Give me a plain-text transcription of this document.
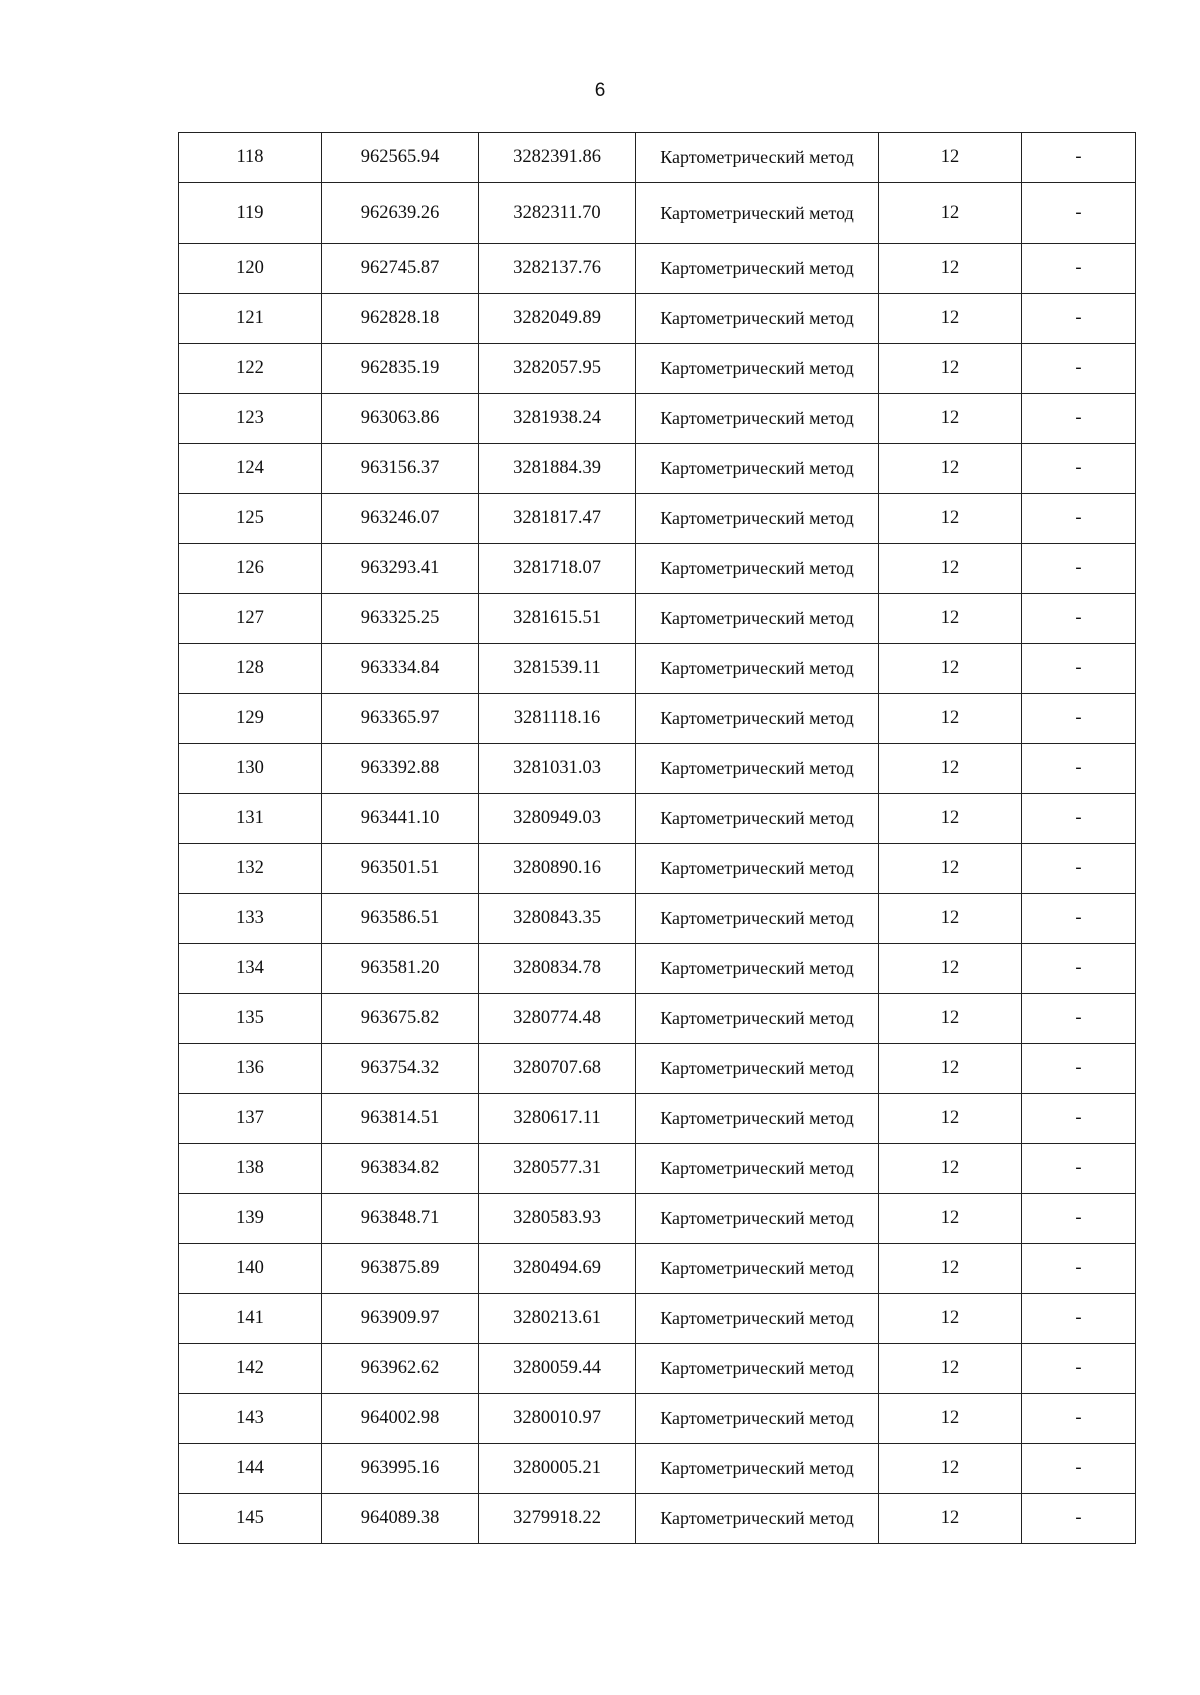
6
118	962565.94	3282391.86	Картометрический метод	12	-
119	962639.26	3282311.70	Картометрический метод	12	-
120	962745.87	3282137.76	Картометрический метод	12	-
121	962828.18	3282049.89	Картометрический метод	12	-
122	962835.19	3282057.95	Картометрический метод	12	-
123	963063.86	3281938.24	Картометрический метод	12	-
124	963156.37	3281884.39	Картометрический метод	12	-
125	963246.07	3281817.47	Картометрический метод	12	-
126	963293.41	3281718.07	Картометрический метод	12	-
127	963325.25	3281615.51	Картометрический метод	12	-
128	963334.84	3281539.11	Картометрический метод	12	-
129	963365.97	3281118.16	Картометрический метод	12	-
130	963392.88	3281031.03	Картометрический метод	12	-
131	963441.10	3280949.03	Картометрический метод	12	-
132	963501.51	3280890.16	Картометрический метод	12	-
133	963586.51	3280843.35	Картометрический метод	12	-
134	963581.20	3280834.78	Картометрический метод	12	-
135	963675.82	3280774.48	Картометрический метод	12	-
136	963754.32	3280707.68	Картометрический метод	12	-
137	963814.51	3280617.11	Картометрический метод	12	-
138	963834.82	3280577.31	Картометрический метод	12	-
139	963848.71	3280583.93	Картометрический метод	12	-
140	963875.89	3280494.69	Картометрический метод	12	-
141	963909.97	3280213.61	Картометрический метод	12	-
142	963962.62	3280059.44	Картометрический метод	12	-
143	964002.98	3280010.97	Картометрический метод	12	-
144	963995.16	3280005.21	Картометрический метод	12	-
145	964089.38	3279918.22	Картометрический метод	12	-
